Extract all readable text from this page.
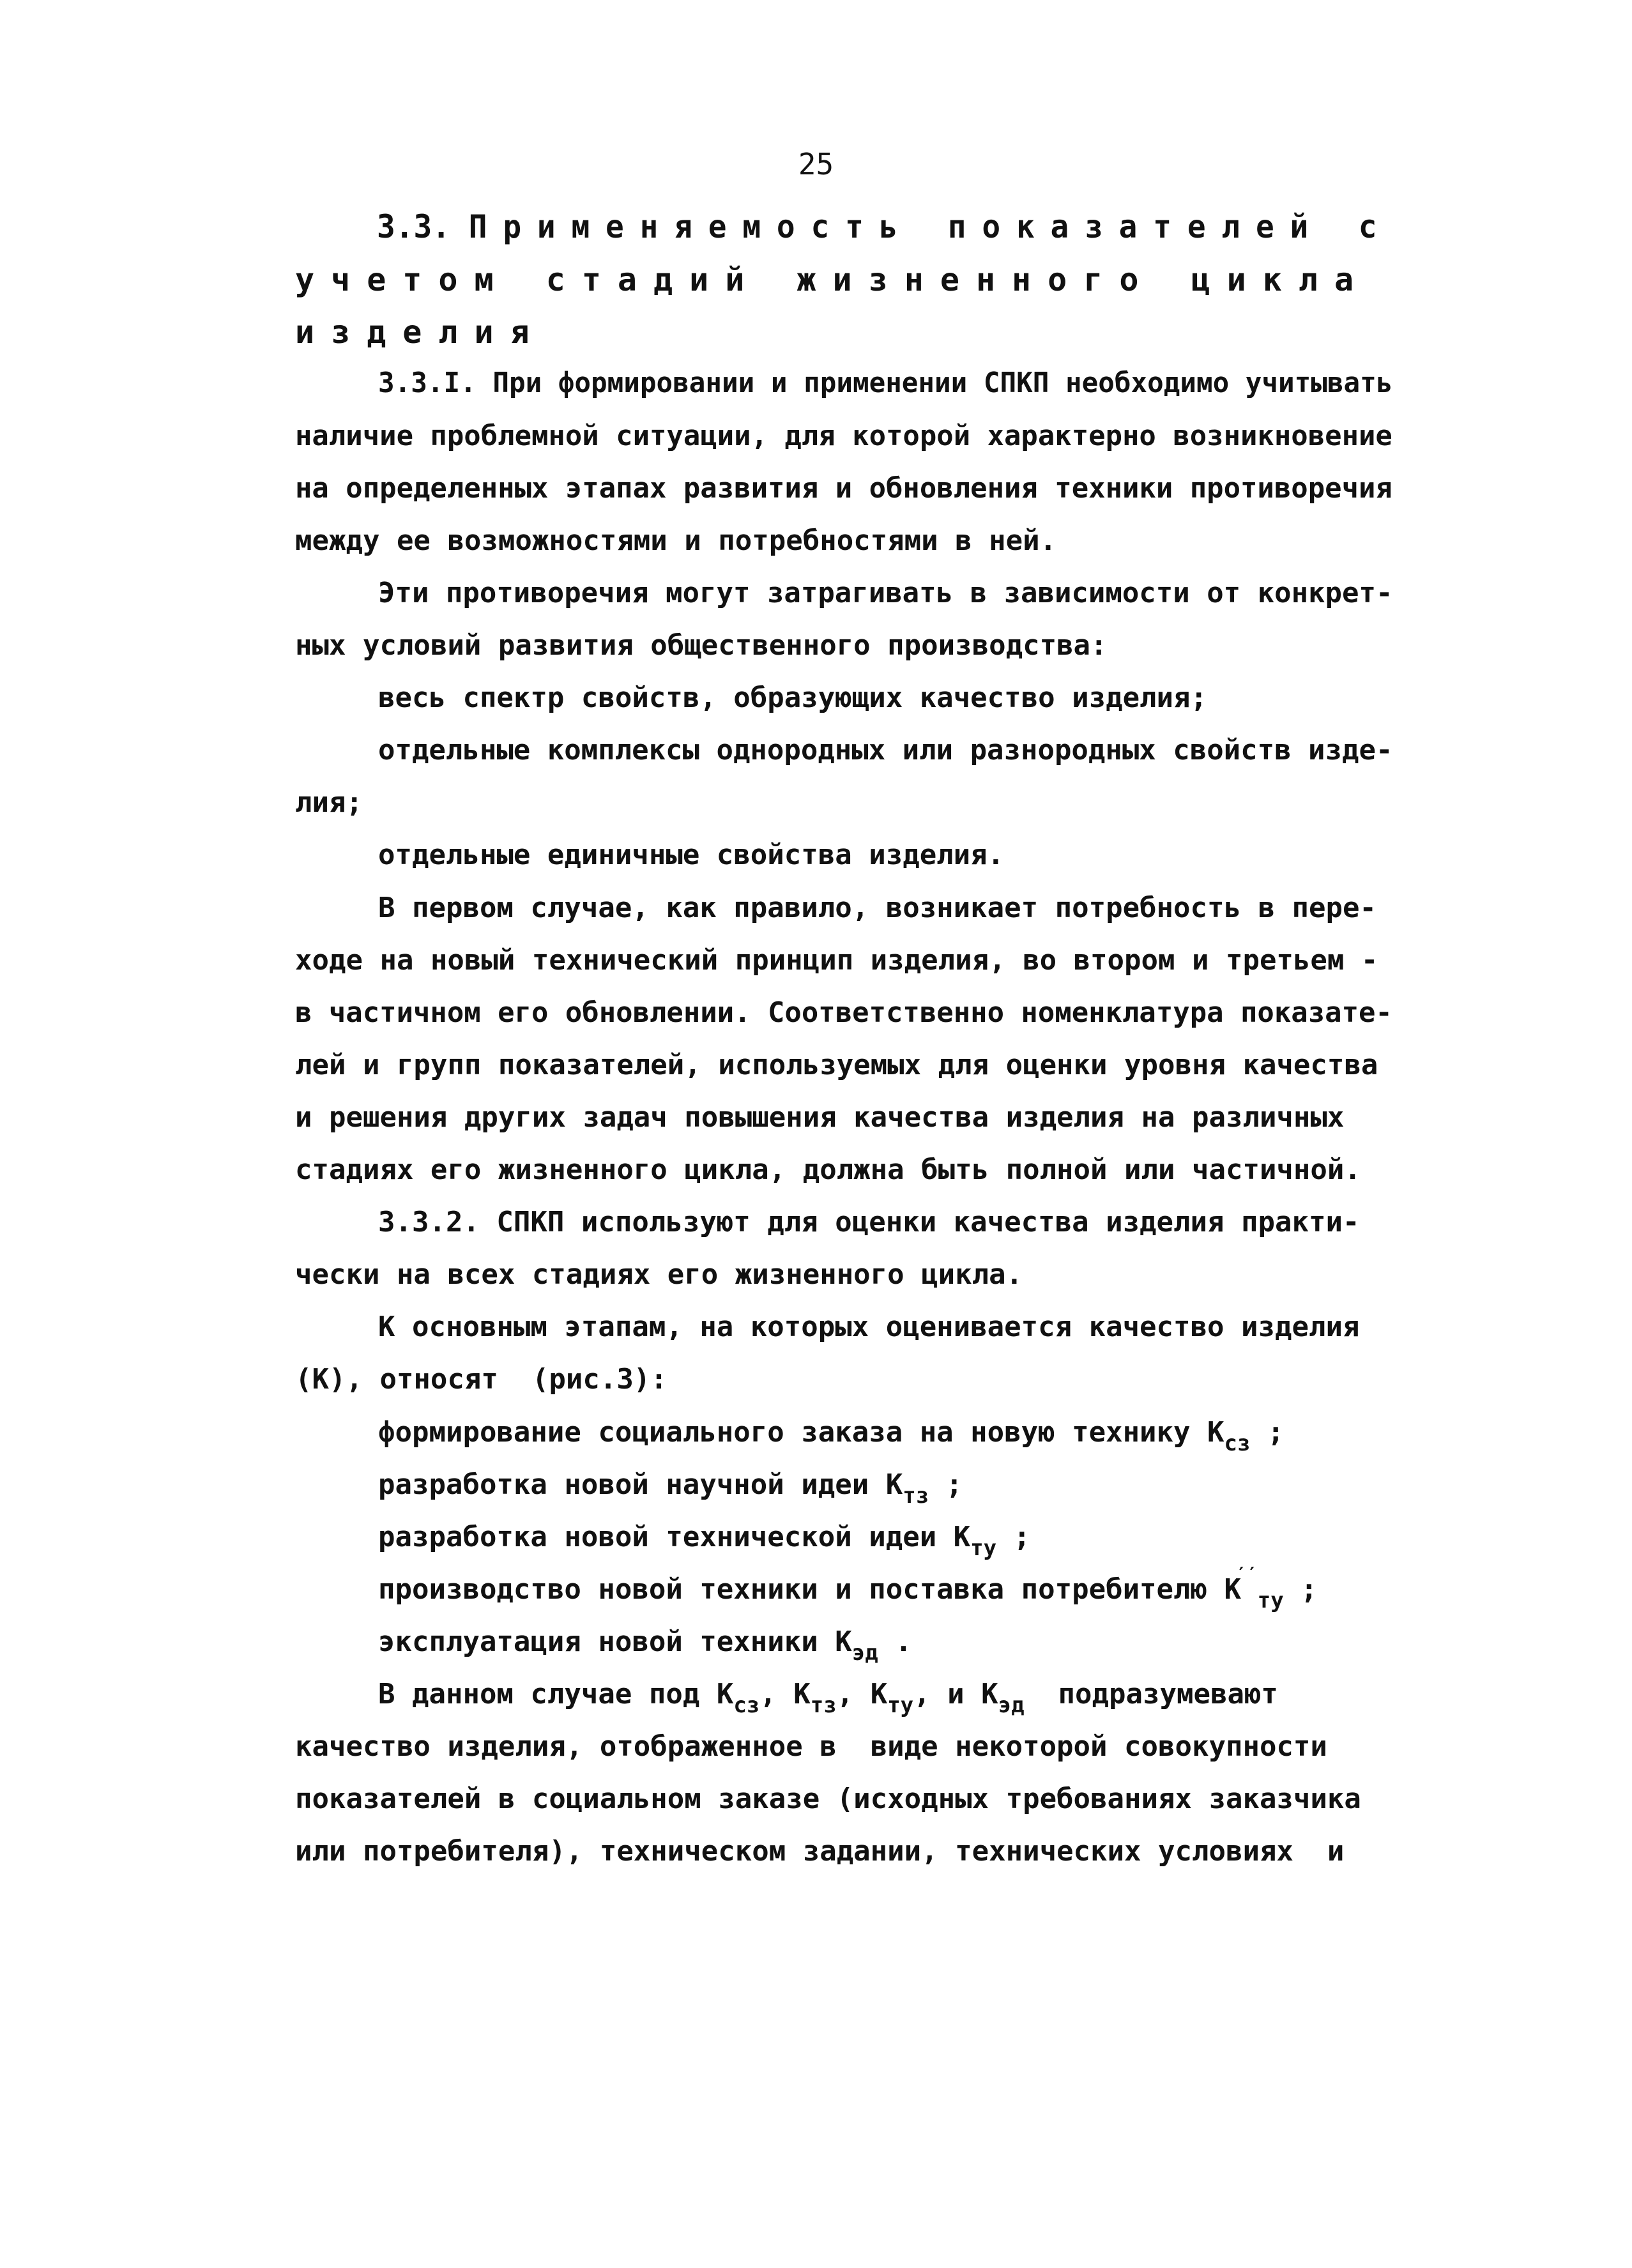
25
3.3. Применяемость показателей с
учетом стадий жизненного цикла
изделия
3.3.I. При формировании и применении СПКП необходимо учитывать
наличие проблемной ситуации, для которой характерно возникновение
на определенных этапах развития и обновления техники противоречия
между ее возможностями и потребностями в ней.
Эти противоречия могут затрагивать в зависимости от конкрет-
ных условий развития общественного производства:
весь спектр свойств, образующих качество изделия;
отдельные комплексы однородных или разнородных свойств изде-
лия;
отдельные единичные свойства изделия.
В первом случае, как правило, возникает потребность в пере-
ходе на новый технический принцип изделия, во втором и третьем -
в частичном его обновлении. Соответственно номенклатура показате-
лей и групп показателей, используемых для оценки уровня качества
и решения других задач повышения качества изделия на различных
стадиях его жизненного цикла, должна быть полной или частичной.
3.3.2. СПКП используют для оценки качества изделия практи-
чески на всех стадиях его жизненного цикла.
К основным этапам, на которых оценивается качество изделия
(К), относят  (рис.3):
формирование социального заказа на новую технику $К_{сз}$ ;
разработка новой научной идеи $К_{тз}$ ;
разработка новой технической идеи $К_{ту}$ ;
производство новой техники и поставка потребителю $К''_{ту}$ ;
эксплуатация новой техники $К_{эд}$ .
В данном случае под $К_{сз}$, $К_{тз}$, $К_{ту}$, и $К_{эд}$ подразумевают
качество изделия, отображенное в  виде некоторой совокупности
показателей в социальном заказе (исходных требованиях заказчика
или потребителя), техническом задании, технических условиях  и
